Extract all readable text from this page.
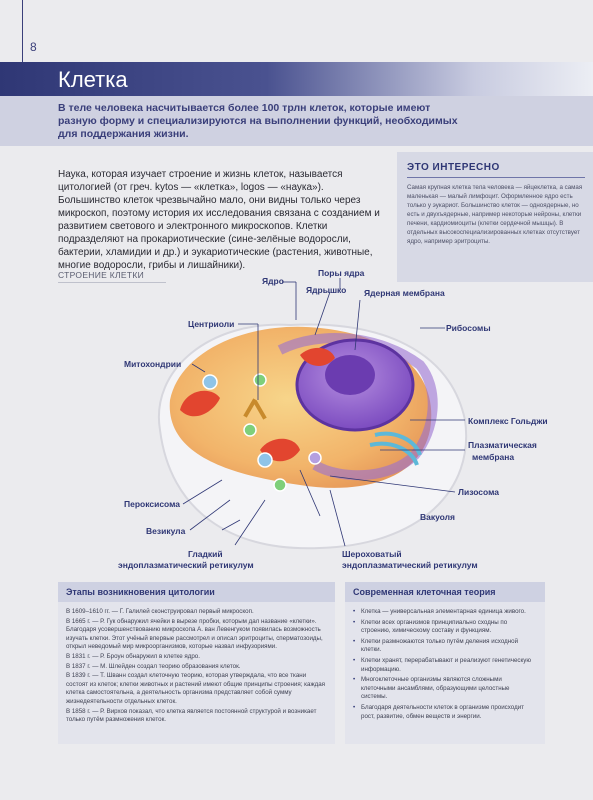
8
Клетка
В теле человека насчитывается более 100 трлн клеток, которые имеют разную форму и специализируются на выполнении функций, необходимых для поддержания жизни.
Наука, которая изучает строение и жизнь клеток, называется цитологией (от греч. kytos — «клетка», logos — «наука»). Большинство клеток чрезвычайно мало, они видны только через микроскоп, поэтому история их исследования связана с созданием и развитием светового и электронного микроскопов. Клетки подразделяют на прокариотические (сине-зелёные водоросли, бактерии, хламидии и др.) и эукариотические (растения, животные, многие водоросли, грибы и лишайники).
ЭТО ИНТЕРЕСНО
Самая крупная клетка тела человека — яйцеклетка, а самая маленькая — малый лимфоцит. Оформленное ядро есть только у эукариот. Большинство клеток — одноядерные, но есть и двухъядерные, например некоторые нейроны, клетки печени, кардиомиоциты (клетки сердечной мышцы). В отдельных высокоспециализированных клетках отсутствует ядро, например эритроциты.
СТРОЕНИЕ КЛЕТКИ
Ядро
Поры ядра
Ядрышко Ядерная мембрана
Центриоли	Рибосомы
Митохондрии
Комплекс Гольджи
Плазматическая
мембрана
Лизосома
Пероксисома
Вакуоля
Везикула
Гладкий
эндоплазматический ретикулум
Шероховатый
эндоплазматический ретикулум
Этапы возникновения цитологии

В 1609–1610 гг. — Г. Галилей сконструировал первый микроскоп.

В 1665 г. — Р. Гук обнаружил ячейки в вырезе пробки, которым дал название «клетки». Благодаря усовершенствованию микроскопа А. ван Левенгуком появилась возможность изучать клетки. Этот учёный впервые рассмотрел и описал эритроциты, сперматозоиды, открыл неведомый мир микроорганизмов, которые назвал инфузориями.

В 1831 г. — Р. Броун обнаружил в клетке ядро.

В 1837 г. — М. Шлейден создал теорию образования клеток.

В 1839 г. — Т. Шванн создал клеточную теорию, которая утверждала, что все ткани состоят из клеток; клетки животных и растений имеют общие принципы строения; каждая клетка самостоятельна, а деятельность организма представляет собой сумму жизнедеятельности отдельных клеток.

В 1858 г. — Р. Вирхов показал, что клетка является постоянной структурой и возникает только путём размножения клеток.

Современная клеточная теория
• Клетка — универсальная элементарная единица живого.
• Клетки всех организмов принципиально сходны по строению, химическому составу и функциям.
• Клетки размножаются только путём деления исходной клетки.
• Клетки хранят, перерабатывают и реализуют генетическую информацию.
• Многоклеточные организмы являются сложными клеточными ансамблями, образующими целостные системы.
• Благодаря деятельности клеток в организме происходит рост, развитие, обмен веществ и энергии.
